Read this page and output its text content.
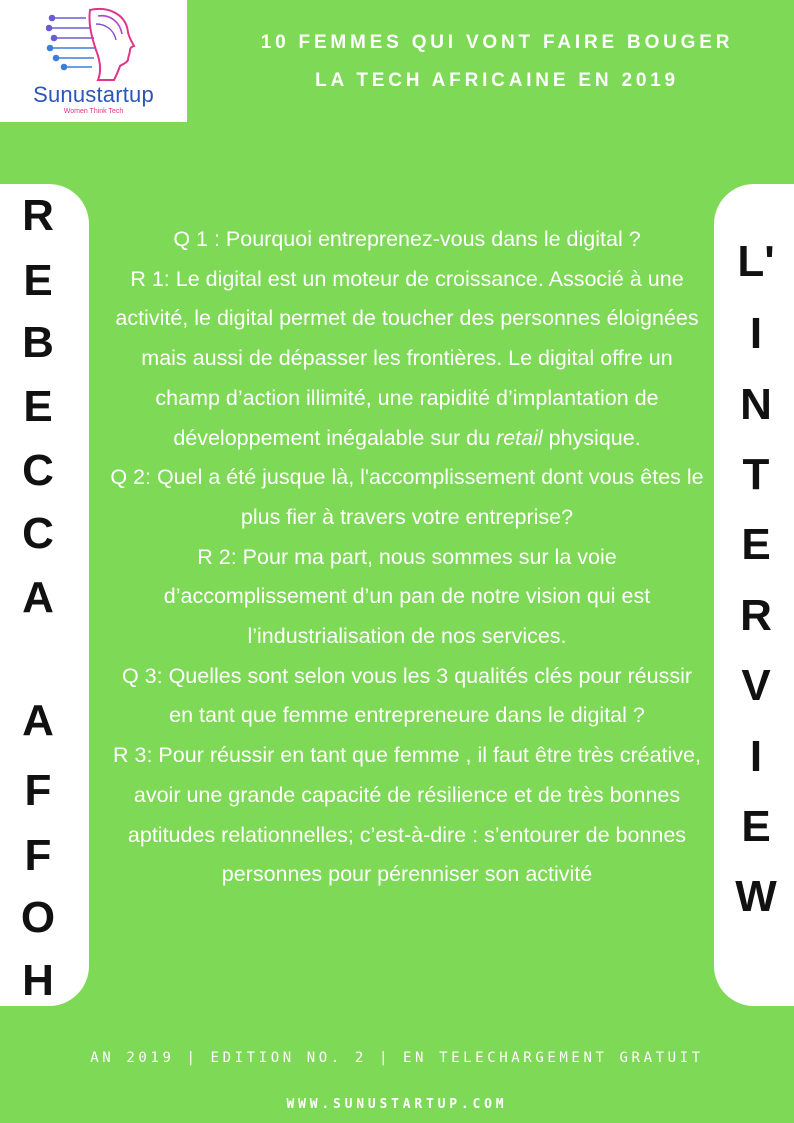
Sunustartup
Women Think Tech
10 FEMMES QUI VONT FAIRE BOUGER
LA TECH AFRICAINE EN 2019
R
E
B
E
C
C
A
A
F
F
O
H
L'
I
N
T
E
R
V
I
E
W

Q 1 : Pourquoi entreprenez-vous dans le digital ?

R 1: Le digital est un moteur de croissance. Associé à une activité, le digital permet de toucher des personnes éloignées mais aussi de dépasser les frontières. Le digital offre un champ d’action illimité, une rapidité d’implantation de développement inégalable sur du retail physique.

Q 2: Quel a été jusque là, l'accomplissement dont vous êtes le plus fier à travers votre entreprise?

R 2: Pour ma part, nous sommes sur la voie d’accomplissement d’un pan de notre vision qui est l’industrialisation de nos services.

Q 3: Quelles sont selon vous les 3 qualités clés pour réussir en tant que femme entrepreneure dans le digital ?

R 3: Pour réussir en tant que femme , il faut être très créative, avoir une grande capacité de résilience et de très bonnes aptitudes relationnelles; c’est-à-dire : s’entourer de bonnes personnes pour pérenniser son activité

AN 2019 | EDITION NO. 2 | EN TELECHARGEMENT GRATUIT
WWW.SUNUSTARTUP.COM
